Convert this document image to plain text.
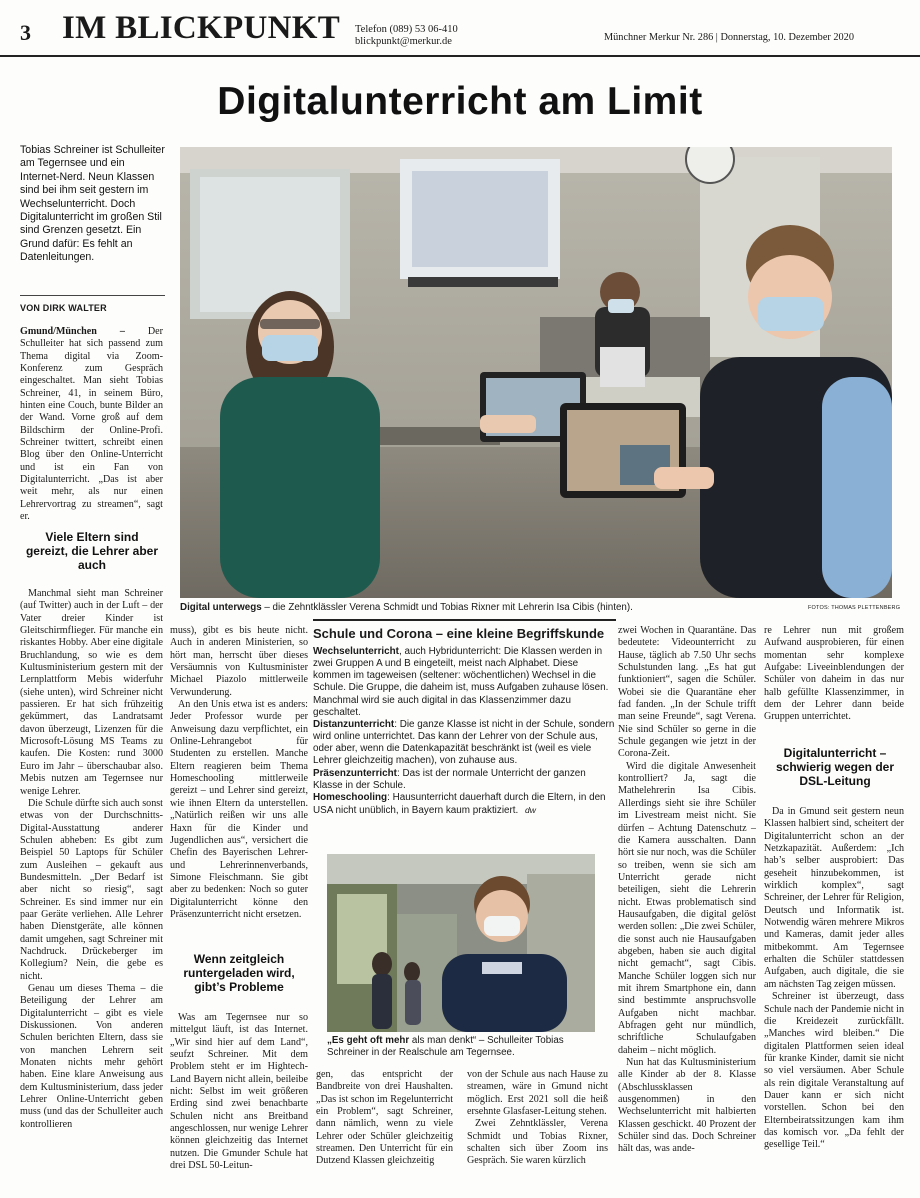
3 IM BLICKPUNKT Telefon (089) 53 06-410
blickpunkt@merkur.de	Münchner Merkur Nr. 286 | Donnerstag, 10. Dezember 2020
Digitalunterricht am Limit
Tobias Schreiner ist Schulleiter am Tegernsee und ein Internet-Nerd. Neun Klassen sind bei ihm seit gestern im Wechselunterricht. Doch Digitalunterricht im großen Stil sind Grenzen gesetzt. Ein Grund dafür: Es fehlt an Datenleitungen.
VON DIRK WALTER
Digital unterwegs – die Zehntklässler Verena Schmidt und Tobias Rixner mit Lehrerin Isa Cibis (hinten).	FOTOS: THOMAS PLETTENBERG

Gmund/München – Der Schulleiter hat sich passend zum Thema digital via Zoom-Konferenz zum Gespräch eingeschaltet. Man sieht Tobias Schreiner, 41, in seinem Büro, hinten eine Couch, bunte Bilder an der Wand. Vorne groß auf dem Bildschirm der Online-Profi. Schreiner twittert, schreibt einen Blog über den Online-Unterricht und ist ein Fan von Digitalunterricht. „Das ist aber weit mehr, als nur einen Lehrervortrag zu streamen“, sagt er.

Viele Eltern sind gereizt, die Lehrer aber auch

Manchmal sieht man Schreiner (auf Twitter) auch in der Luft – der Vater dreier Kinder ist Gleitschirmflieger. Für manche ein riskantes Hobby. Aber eine digitale Bruchlandung, so wie es dem Kultusministerium gestern mit der Lernplattform Mebis widerfuhr (siehe unten), wird Schreiner nicht passieren. Er hat sich frühzeitig gekümmert, das Landratsamt davon überzeugt, Lizenzen für die Microsoft-Lösung MS Teams zu kaufen. Die Kosten: rund 3000 Euro im Jahr – überschaubar also. Mebis nutzen am Tegernsee nur wenige Lehrer.

Die Schule dürfte sich auch sonst etwas von der Durchschnitts-Digital-Ausstattung anderer Schulen abheben: Es gibt zum Beispiel 50 Laptops für Schüler zum Ausleihen – gekauft aus Bundesmitteln. „Der Bedarf ist aber nicht so riesig“, sagt Schreiner. Es sind immer nur ein paar Geräte verliehen. Alle Lehrer haben Dienstgeräte, alle können damit umgehen, sagt Schreiner mit Nachdruck. Drückeberger im Kollegium? Nein, die gebe es nicht.

Genau um dieses Thema – die Beteiligung der Lehrer am Digitalunterricht – gibt es viele Diskussionen. Von anderen Schulen berichten Eltern, dass sie von manchen Lehrern seit Monaten nichts mehr gehört haben. Eine klare Anweisung aus dem Kultusministerium, dass jeder Lehrer Online-Unterricht geben muss (und das der Schulleiter auch kontrollieren

muss), gibt es bis heute nicht. Auch in anderen Ministerien, so hört man, herrscht über dieses Versäumnis von Kultusminister Michael Piazolo mittlerweile Verwunderung.

An den Unis etwa ist es anders: Jeder Professor wurde per Anweisung dazu verpflichtet, ein Online-Lehrangebot für Studenten zu erstellen. Manche Eltern reagieren beim Thema Homeschooling mittlerweile gereizt – und Lehrer sind gereizt, wie ihnen Eltern da unterstellen. „Natürlich reißen wir uns alle Haxn für die Kinder und Jugendlichen aus“, versichert die Chefin des Bayerischen Lehrer- und Lehrerinnenverbands, Simone Fleischmann. Sie gibt aber zu bedenken: Noch so guter Digitalunterricht könne den Präsenzunterricht nicht ersetzen.

Wenn zeitgleich runtergeladen wird, gibt’s Probleme

Was am Tegernsee nur so mittelgut läuft, ist das Internet. „Wir sind hier auf dem Land“, seufzt Schreiner. Mit dem Problem steht er im Hightech-Land Bayern nicht allein, beileibe nicht: Selbst im weit größeren Erding sind zwei benachbarte Schulen nicht ans Breitband angeschlossen, nur wenige Lehrer können gleichzeitig das Internet nutzen. Die Gmunder Schule hat drei DSL 50-Leitun-

Schule und Corona – eine kleine Begriffskunde
Wechselunterricht, auch Hybridunterricht: Die Klassen werden in zwei Gruppen A und B eingeteilt, meist nach Alphabet. Diese kommen im tageweisen (seltener: wöchentlichen) Wechsel in die Schule. Die Gruppe, die daheim ist, muss Aufgaben zuhause lösen. Manchmal wird sie auch digital in das Klassenzimmer dazu geschaltet.
Distanzunterricht: Die ganze Klasse ist nicht in der Schule, sondern wird online unterrichtet. Das kann der Lehrer von der Schule aus, oder aber, wenn die Datenkapazität beschränkt ist (weil es viele Lehrer gleichzeitig machen), von zuhause aus.
Präsenzunterricht: Das ist der normale Unterricht der ganzen Klasse in der Schule.
Homeschooling: Hausunterricht dauerhaft durch die Eltern, in den USA nicht unüblich, in Bayern kaum praktiziert. dw
„Es geht oft mehr als man denkt“ – Schulleiter Tobias Schreiner in der Realschule am Tegernsee.

gen, das entspricht der Bandbreite von drei Haushalten. „Das ist schon im Regelunterricht ein Problem“, sagt Schreiner, dann nämlich, wenn zu viele Lehrer oder Schüler gleichzeitig streamen. Den Unterricht für ein Dutzend Klassen gleichzeitig

von der Schule aus nach Hause zu streamen, wäre in Gmund nicht möglich. Erst 2021 soll die heiß ersehnte Glasfaser-Leitung stehen.

Zwei Zehntklässler, Verena Schmidt und Tobias Rixner, schalten sich über Zoom ins Gespräch. Sie waren kürzlich

zwei Wochen in Quarantäne. Das bedeutete: Videounterricht zu Hause, täglich ab 7.50 Uhr sechs Schulstunden lang. „Es hat gut funktioniert“, sagen die Schüler. Wobei sie die Quarantäne eher fad fanden. „In der Schule trifft man seine Freunde“, sagt Verena. Nie sind Schüler so gerne in die Schule gegangen wie jetzt in der Corona-Zeit.

Wird die digitale Anwesenheit kontrolliert? Ja, sagt die Mathelehrerin Isa Cibis. Allerdings sieht sie ihre Schüler im Livestream meist nicht. Sie dürfen – Achtung Datenschutz – die Kamera ausschalten. Dann hört sie nur noch, was die Schüler so treiben, wenn sie sich am Unterricht gerade nicht beteiligen, sieht die Lehrerin nicht. Etwas problematisch sind Hausaufgaben, die digital gelöst werden sollen: „Die zwei Schüler, die sonst auch nie Hausaufgaben abgeben, haben sie auch digital nicht gemacht“, sagt Cibis. Manche Schüler loggen sich nur mit ihrem Smartphone ein, dann sind bestimmte anspruchsvolle Aufgaben nicht machbar. Abfragen geht nur mündlich, schriftliche Schulaufgaben daheim – nicht möglich.

Nun hat das Kultusministerium alle Kinder ab der 8. Klasse (Abschlussklassen ausgenommen) in den Wechselunterricht mit halbierten Klassen geschickt. 40 Prozent der Schüler sind das. Doch Schreiner hält das, was ande-

re Lehrer nun mit großem Aufwand ausprobieren, für einen momentan sehr komplexe Aufgabe: Liveeinblendungen der Schüler von daheim in das nur halb gefüllte Klassenzimmer, in dem der Lehrer dann beide Gruppen unterrichtet.

Digitalunterricht – schwierig wegen der DSL-Leitung

Da in Gmund seit gestern neun Klassen halbiert sind, scheitert der Digitalunterricht schon an der Netzkapazität. Außerdem: „Ich hab’s selber ausprobiert: Das geseheit hinzubekommen, ist wirklich komplex“, sagt Schreiner, der Lehrer für Religion, Deutsch und Informatik ist. Notwendig wären mehrere Mikros und Kameras, damit jeder alles mitbekommt. Am Tegernsee erhalten die Schüler stattdessen Aufgaben, auch digitale, die sie am nächsten Tag zeigen müssen.

Schreiner ist überzeugt, dass Schule nach der Pandemie nicht in die Kreidezeit zurückfällt. „Manches wird bleiben.“ Die digitalen Plattformen seien ideal für kranke Kinder, damit sie nicht so viel versäumen. Aber Schule als rein digitale Veranstaltung auf Dauer kann er sich nicht vorstellen. Schon bei den Elternbeiratssitzungen kam ihm das komisch vor. „Da fehlt der gesellige Teil.“
